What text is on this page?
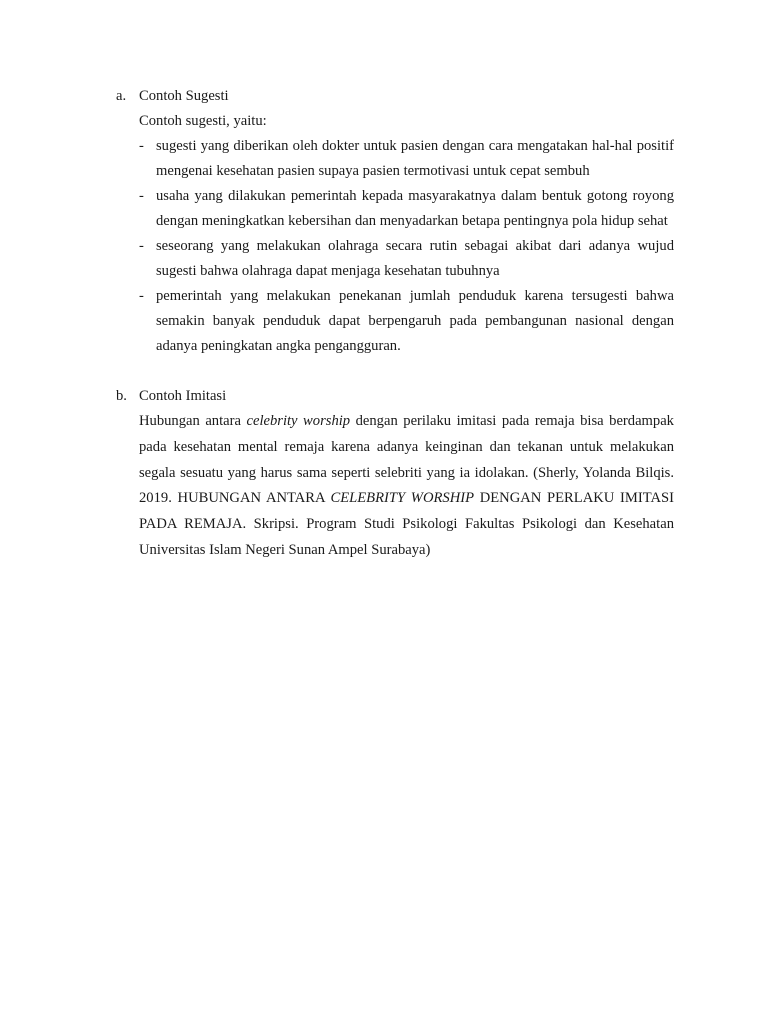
a. Contoh Sugesti
Contoh sugesti, yaitu:
- sugesti yang diberikan oleh dokter untuk pasien dengan cara mengatakan hal-hal positif mengenai kesehatan pasien supaya pasien termotivasi untuk cepat sembuh
- usaha yang dilakukan pemerintah kepada masyarakatnya dalam bentuk gotong royong dengan meningkatkan kebersihan dan menyadarkan betapa pentingnya pola hidup sehat
- seseorang yang melakukan olahraga secara rutin sebagai akibat dari adanya wujud sugesti bahwa olahraga dapat menjaga kesehatan tubuhnya
- pemerintah yang melakukan penekanan jumlah penduduk karena tersugesti bahwa semakin banyak penduduk dapat berpengaruh pada pembangunan nasional dengan adanya peningkatan angka pengangguran.
b. Contoh Imitasi
Hubungan antara celebrity worship dengan perilaku imitasi pada remaja bisa berdampak pada kesehatan mental remaja karena adanya keinginan dan tekanan untuk melakukan segala sesuatu yang harus sama seperti selebriti yang ia idolakan. (Sherly, Yolanda Bilqis. 2019. HUBUNGAN ANTARA CELEBRITY WORSHIP DENGAN PERLAKU IMITASI PADA REMAJA. Skripsi. Program Studi Psikologi Fakultas Psikologi dan Kesehatan Universitas Islam Negeri Sunan Ampel Surabaya)
